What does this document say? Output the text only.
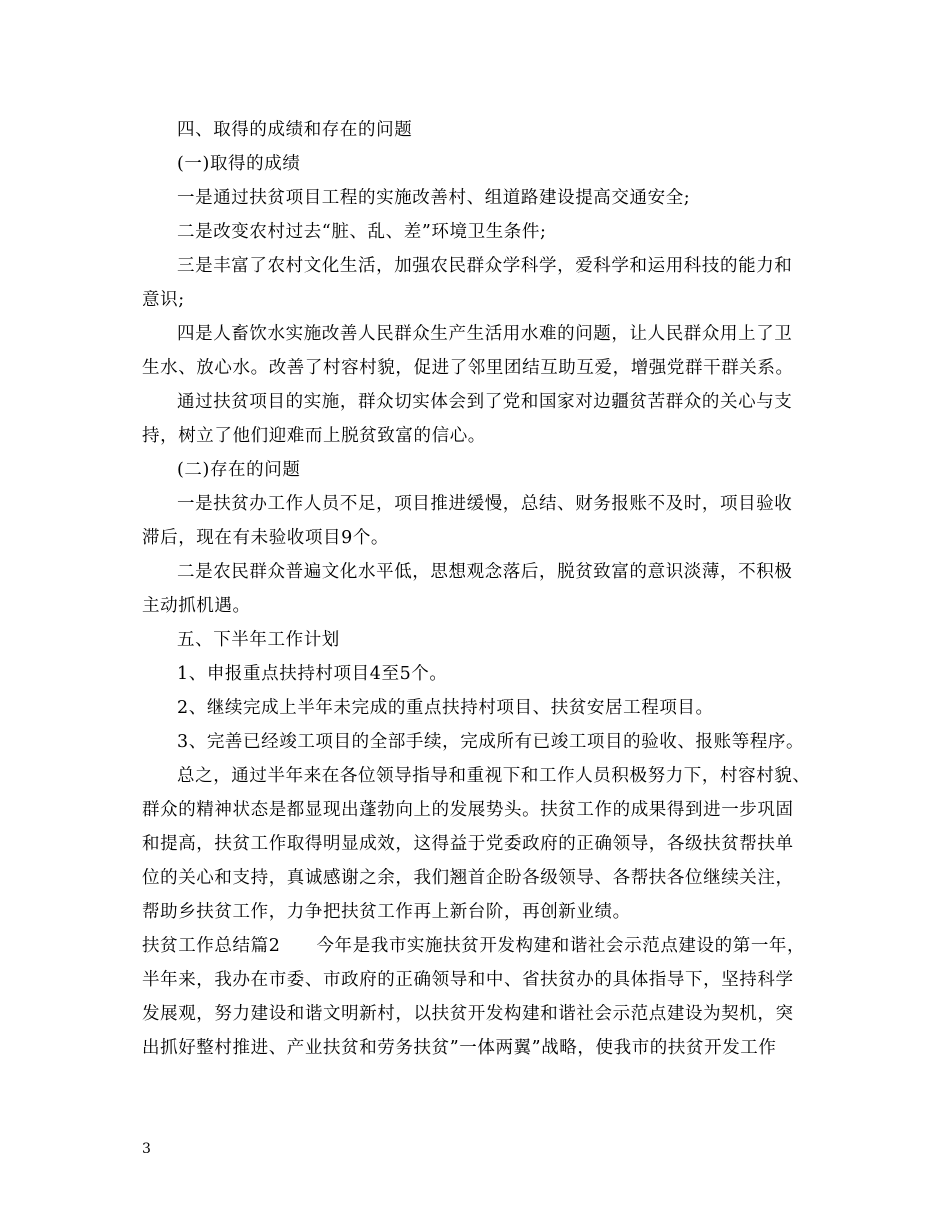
四、取得的成绩和存在的问题
(一)取得的成绩
一是通过扶贫项目工程的实施改善村、组道路建设提高交通安全;
二是改变农村过去“脏、乱、差”环境卫生条件;
三是丰富了农村文化生活，加强农民群众学科学，爱科学和运用科技的能力和
意识;
四是人畜饮水实施改善人民群众生产生活用水难的问题，让人民群众用上了卫
生水、放心水。改善了村容村貌，促进了邻里团结互助互爱，增强党群干群关系。
通过扶贫项目的实施，群众切实体会到了党和国家对边疆贫苦群众的关心与支
持，树立了他们迎难而上脱贫致富的信心。
(二)存在的问题
一是扶贫办工作人员不足，项目推进缓慢，总结、财务报账不及时，项目验收
滞后，现在有未验收项目9个。
二是农民群众普遍文化水平低，思想观念落后，脱贫致富的意识淡薄，不积极
主动抓机遇。
五、下半年工作计划
1、申报重点扶持村项目4至5个。
2、继续完成上半年未完成的重点扶持村项目、扶贫安居工程项目。
3、完善已经竣工项目的全部手续，完成所有已竣工项目的验收、报账等程序。
总之，通过半年来在各位领导指导和重视下和工作人员积极努力下，村容村貌、
群众的精神状态是都显现出蓬勃向上的发展势头。扶贫工作的成果得到进一步巩固
和提高，扶贫工作取得明显成效，这得益于党委政府的正确领导，各级扶贫帮扶单
位的关心和支持，真诚感谢之余，我们翘首企盼各级领导、各帮扶各位继续关注，
帮助乡扶贫工作，力争把扶贫工作再上新台阶，再创新业绩。
扶贫工作总结篇2 今年是我市实施扶贫开发构建和谐社会示范点建设的第一年，
半年来，我办在市委、市政府的正确领导和中、省扶贫办的具体指导下，坚持科学
发展观，努力建设和谐文明新村，以扶贫开发构建和谐社会示范点建设为契机，突
出抓好整村推进、产业扶贫和劳务扶贫”一体两翼”战略，使我市的扶贫开发工作
3
